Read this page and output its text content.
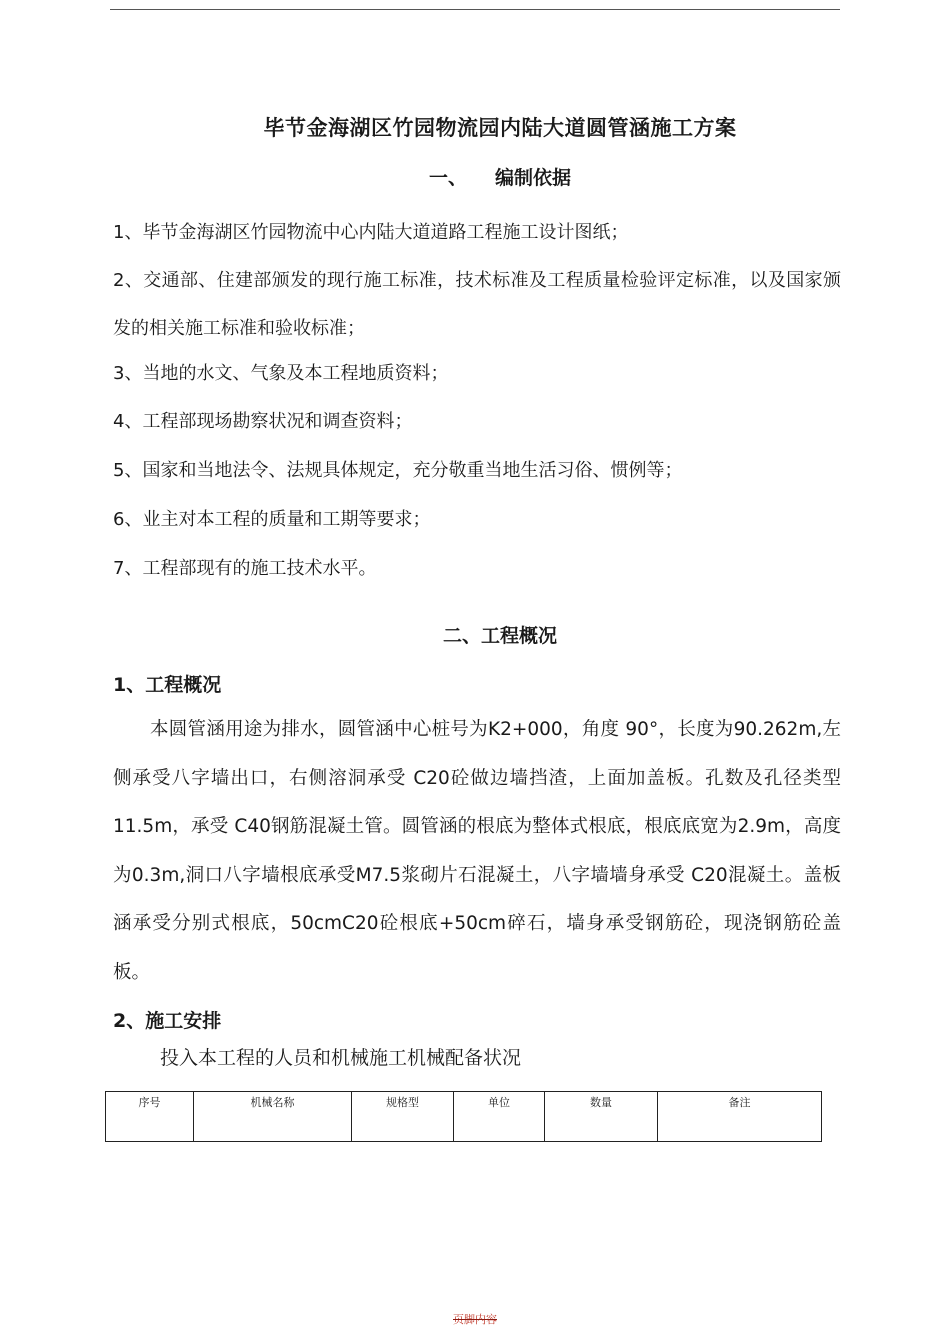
毕节金海湖区竹园物流园内陆大道圆管涵施工方案
一、 编制依据

1、毕节金海湖区竹园物流中心内陆大道道路工程施工设计图纸；

2、交通部、住建部颁发的现行施工标准，技术标准及工程质量检验评定标准，以及国家颁发的相关施工标准和验收标准；

3、当地的水文、气象及本工程地质资料；

4、工程部现场勘察状况和调查资料；

5、国家和当地法令、法规具体规定，充分敬重当地生活习俗、惯例等；

6、业主对本工程的质量和工期等要求；

7、工程部现有的施工技术水平。

二、工程概况
1、工程概况

本圆管涵用途为排水，圆管涵中心桩号为K2+000，角度 90°，长度为90.262m,左侧承受八字墙出口，右侧溶洞承受 C20砼做边墙挡渣，上面加盖板。孔数及孔径类型 11.5m，承受 C40钢筋混凝土管。圆管涵的根底为整体式根底，根底底宽为2.9m，高度为0.3m,洞口八字墙根底承受M7.5浆砌片石混凝土，八字墙墙身承受 C20混凝土。盖板涵承受分别式根底，50cmC20砼根底+50cm碎石，墙身承受钢筋砼，现浇钢筋砼盖板。

2、施工安排
投入本工程的人员和机械施工机械配备状况
序号	机械名称	规格型	单位	数量	备注
页脚内容
